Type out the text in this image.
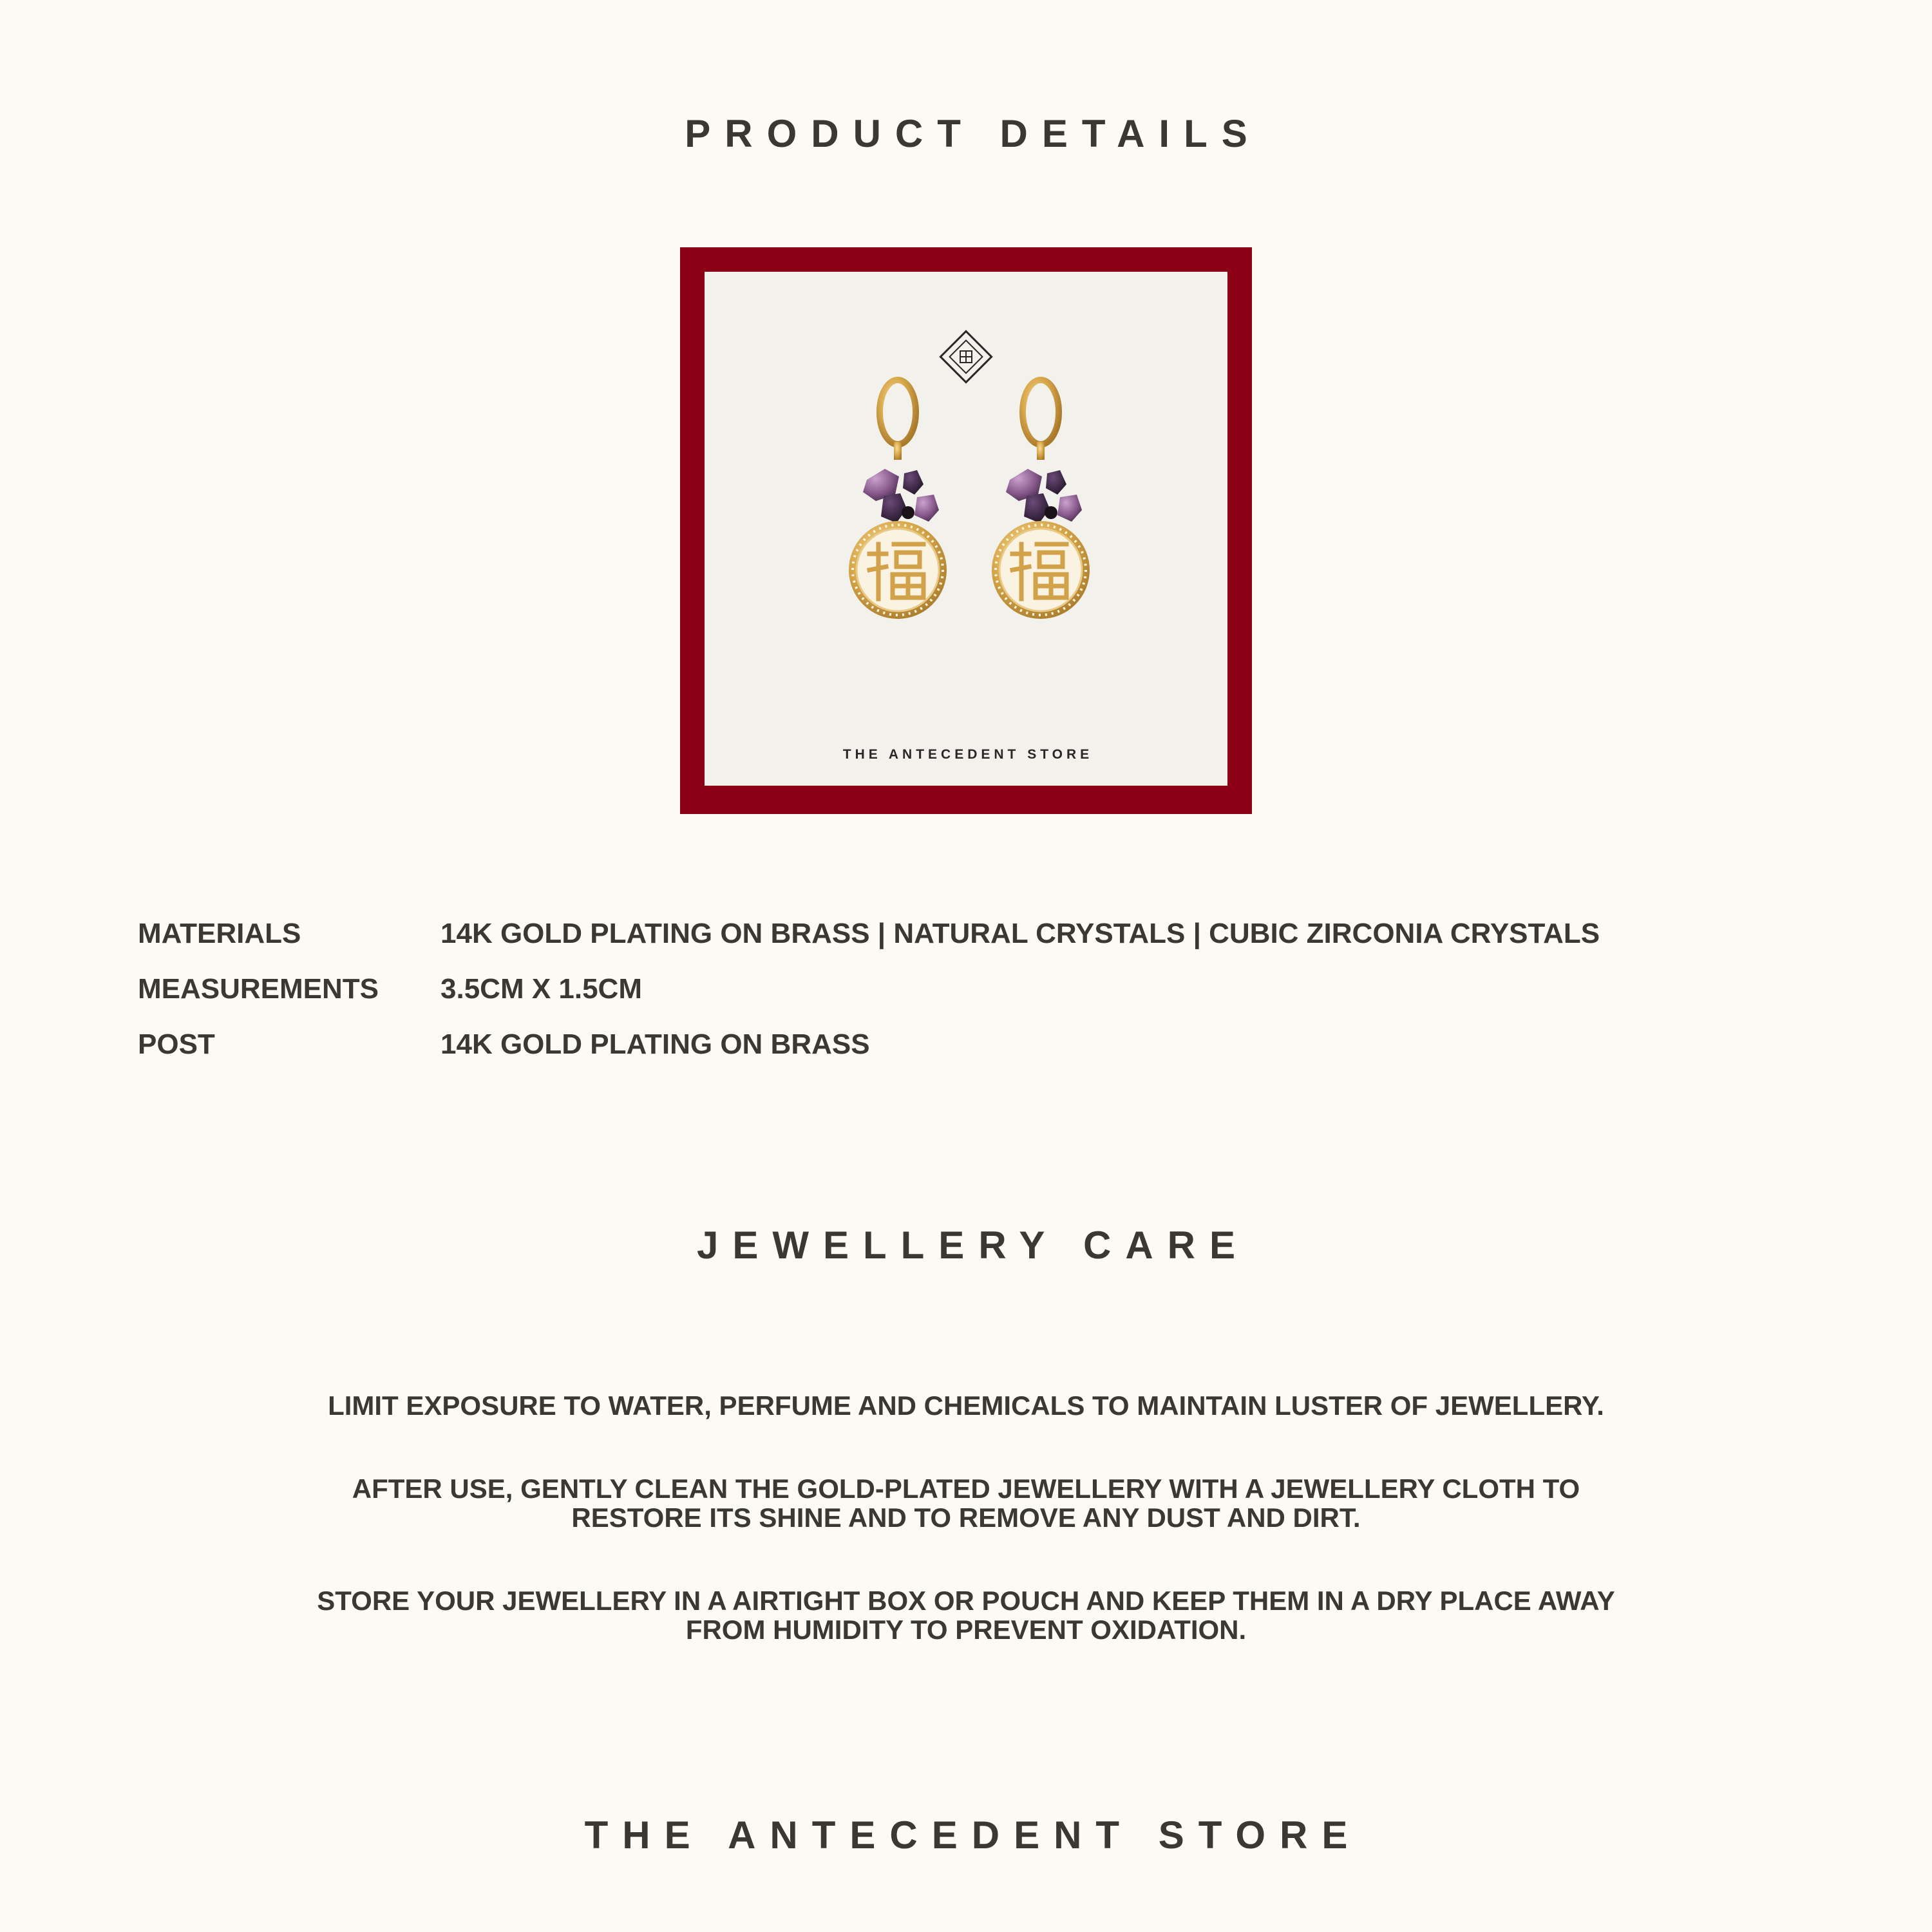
PRODUCT DETAILS
THE ANTECEDENT STORE
MATERIALS	14K GOLD PLATING ON BRASS | NATURAL CRYSTALS | CUBIC ZIRCONIA CRYSTALS
MEASUREMENTS 3.5CM X 1.5CM
POST	14K GOLD PLATING ON BRASS
JEWELLERY CARE
LIMIT EXPOSURE TO WATER, PERFUME AND CHEMICALS TO MAINTAIN LUSTER OF JEWELLERY.
AFTER USE, GENTLY CLEAN THE GOLD-PLATED JEWELLERY WITH A JEWELLERY CLOTH TO RESTORE ITS SHINE AND TO REMOVE ANY DUST AND DIRT.
STORE YOUR JEWELLERY IN A AIRTIGHT BOX OR POUCH AND KEEP THEM IN A DRY PLACE AWAY FROM HUMIDITY TO PREVENT OXIDATION.
THE ANTECEDENT STORE
